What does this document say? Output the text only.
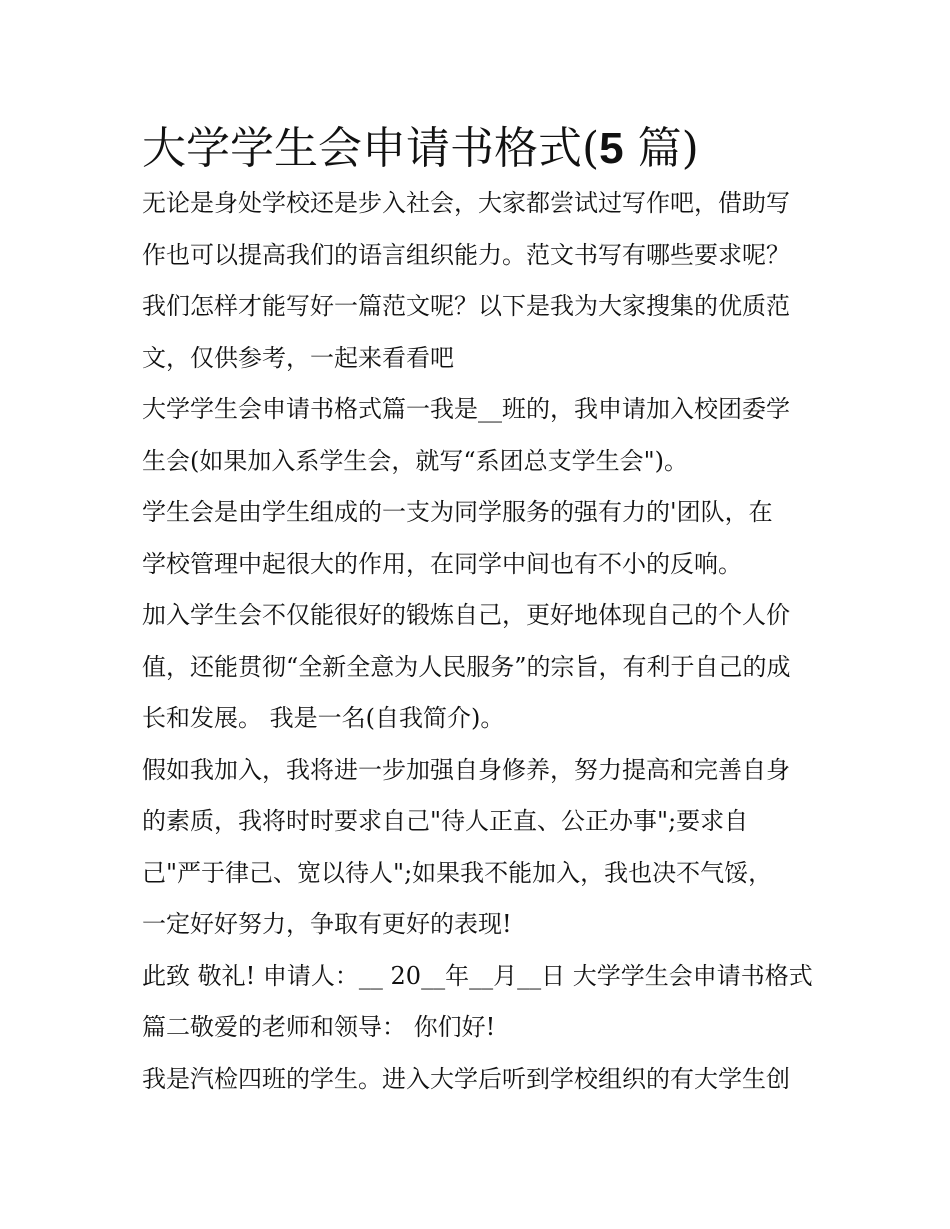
大学学生会申请书格式(5 篇)
无论是身处学校还是步入社会，大家都尝试过写作吧，借助写
作也可以提高我们的语言组织能力。范文书写有哪些要求呢？
我们怎样才能写好一篇范文呢？以下是我为大家搜集的优质范
文，仅供参考，一起来看看吧
大学学生会申请书格式篇一我是__班的，我申请加入校团委学
生会(如果加入系学生会，就写“系团总支学生会")。
学生会是由学生组成的一支为同学服务的强有力的'团队，在
学校管理中起很大的作用，在同学中间也有不小的反响。
加入学生会不仅能很好的锻炼自己，更好地体现自己的个人价
值，还能贯彻“全新全意为人民服务”的宗旨，有利于自己的成
长和发展。 我是一名(自我简介)。
假如我加入，我将进一步加强自身修养，努力提高和完善自身
的素质，我将时时要求自己"待人正直、公正办事";要求自
己"严于律己、宽以待人";如果我不能加入，我也决不气馁，
一定好好努力，争取有更好的表现!
此致 敬礼! 申请人：__ 20__年__月__日 大学学生会申请书格式
篇二敬爱的老师和领导： 你们好!
我是汽检四班的学生。进入大学后听到学校组织的有大学生创
